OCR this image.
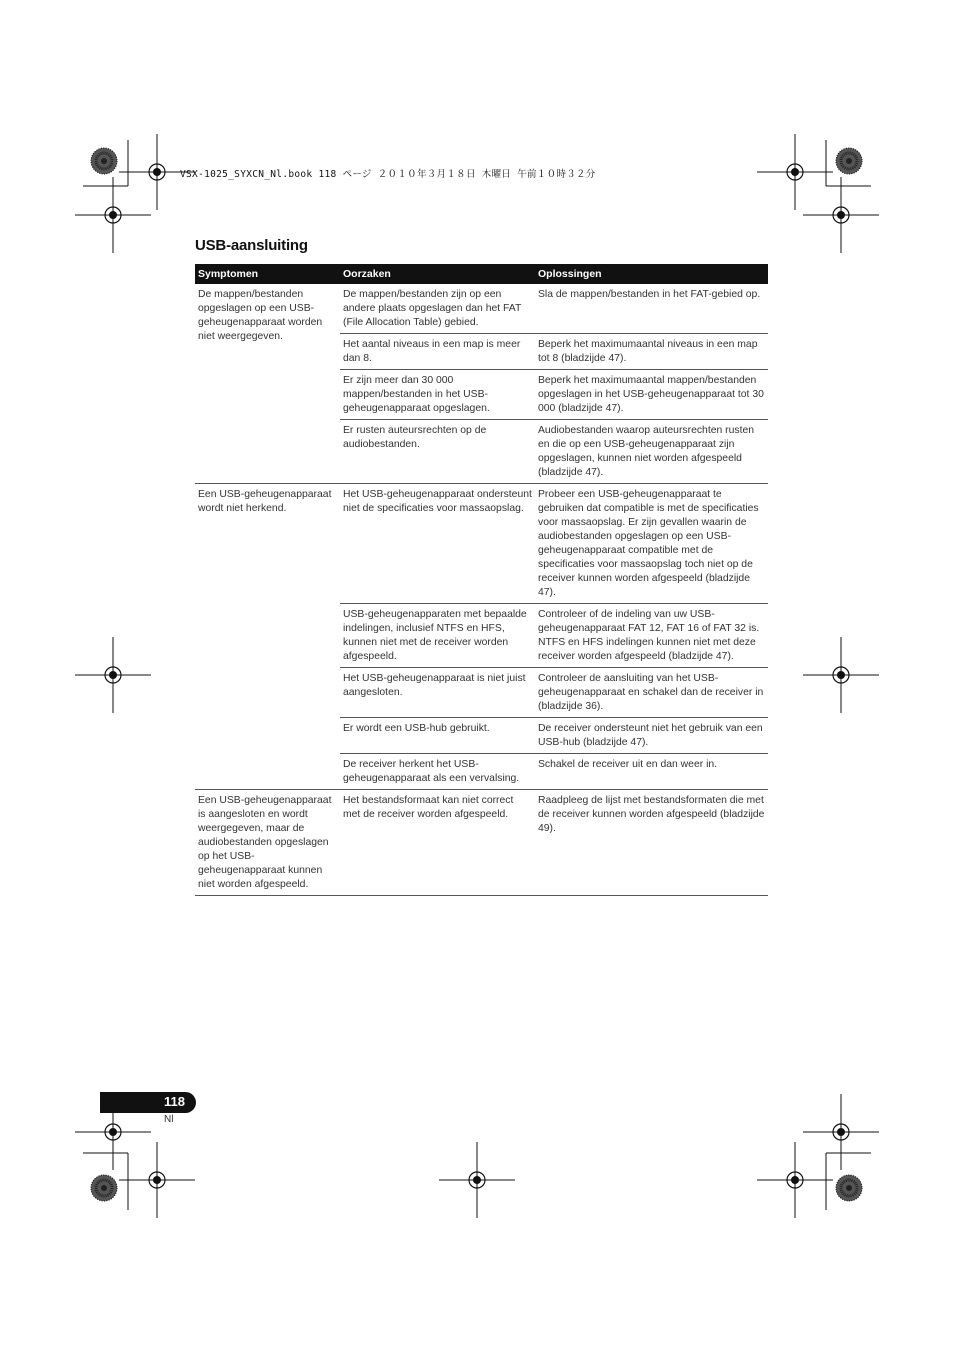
VSX-1025_SYXCN_Nl.book 118 ページ ２０１０年３月１８日 木曜日 午前１０時３２分
USB-aansluiting
Symptomen	Oorzaken	Oplossingen
De mappen/bestanden opgeslagen op een USB-geheugenapparaat worden niet weergegeven.	De mappen/bestanden zijn op een andere plaats opgeslagen dan het FAT (File Allocation Table) gebied.	Sla de mappen/bestanden in het FAT-gebied op.
	Het aantal niveaus in een map is meer dan 8.	Beperk het maximumaantal niveaus in een map tot 8 (bladzijde 47).
	Er zijn meer dan 30 000 mappen/bestanden in het USB-geheugenapparaat opgeslagen.	Beperk het maximumaantal mappen/bestanden opgeslagen in het USB-geheugenapparaat tot 30 000 (bladzijde 47).
	Er rusten auteursrechten op de audiobestanden.	Audiobestanden waarop auteursrechten rusten en die op een USB-geheugenapparaat zijn opgeslagen, kunnen niet worden afgespeeld (bladzijde 47).
Een USB-geheugenapparaat wordt niet herkend.	Het USB-geheugenapparaat ondersteunt niet de specificaties voor massaopslag.	Probeer een USB-geheugenapparaat te gebruiken dat compatible is met de specificaties voor massaopslag. Er zijn gevallen waarin de audiobestanden opgeslagen op een USB-geheugenapparaat compatible met de specificaties voor massaopslag toch niet op de receiver kunnen worden afgespeeld (bladzijde 47).
	USB-geheugenapparaten met bepaalde indelingen, inclusief NTFS en HFS, kunnen niet met de receiver worden afgespeeld.	Controleer of de indeling van uw USB-geheugenapparaat FAT 12, FAT 16 of FAT 32 is. NTFS en HFS indelingen kunnen niet met deze receiver worden afgespeeld (bladzijde 47).
	Het USB-geheugenapparaat is niet juist aangesloten.	Controleer de aansluiting van het USB-geheugenapparaat en schakel dan de receiver in (bladzijde 36).
	Er wordt een USB-hub gebruikt.	De receiver ondersteunt niet het gebruik van een USB-hub (bladzijde 47).
	De receiver herkent het USB-geheugenapparaat als een vervalsing.	Schakel de receiver uit en dan weer in.
Een USB-geheugenapparaat is aangesloten en wordt weergegeven, maar de audiobestanden opgeslagen op het USB-geheugenapparaat kunnen niet worden afgespeeld.	Het bestandsformaat kan niet correct met de receiver worden afgespeeld.	Raadpleeg de lijst met bestandsformaten die met de receiver kunnen worden afgespeeld (bladzijde 49).
118
Nl
